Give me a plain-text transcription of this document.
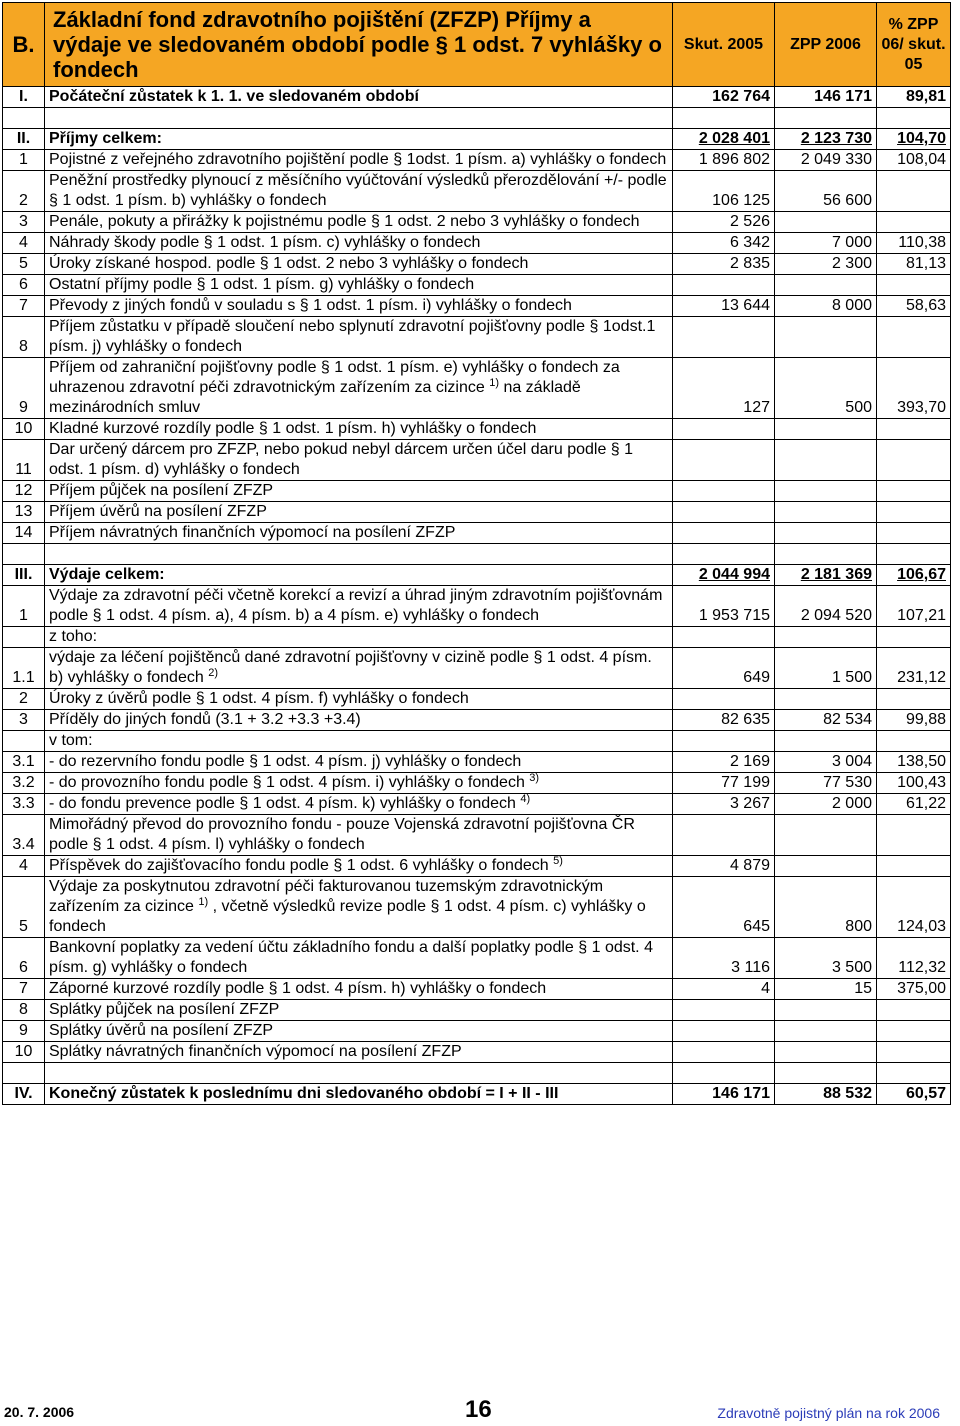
B.	Základní fond zdravotního pojištění (ZFZP) Příjmy a výdaje ve sledovaném období podle § 1 odst. 7 vyhlášky o fondech	Skut. 2005	ZPP 2006	% ZPP 06/ skut. 05
I.	Počáteční zůstatek k 1. 1. ve sledovaném období	162 764	146 171	89,81

II.	Příjmy celkem:	2 028 401	2 123 730	104,70
1	Pojistné z veřejného zdravotního pojištění podle § 1odst. 1 písm. a) vyhlášky o fondech	1 896 802	2 049 330	108,04
2	Peněžní prostředky plynoucí z měsíčního vyúčtování výsledků přerozdělování +/- podle § 1 odst. 1 písm. b) vyhlášky o fondech	106 125	56 600	
3	Penále, pokuty a přirážky k pojistnému podle § 1 odst. 2 nebo 3 vyhlášky o fondech	2 526		
4	Náhrady škody podle § 1 odst. 1 písm. c) vyhlášky o fondech	6 342	7 000	110,38
5	Úroky získané hospod. podle § 1 odst. 2 nebo 3 vyhlášky o fondech	2 835	2 300	81,13
6	Ostatní příjmy podle § 1 odst. 1 písm. g) vyhlášky o fondech			
7	Převody z jiných fondů v souladu s § 1 odst. 1 písm. i) vyhlášky o fondech	13 644	8 000	58,63
8	Příjem zůstatku v případě sloučení nebo splynutí zdravotní pojišťovny podle § 1odst.1 písm. j) vyhlášky o fondech			
9	Příjem od zahraniční pojišťovny podle § 1 odst. 1 písm. e) vyhlášky o fondech za uhrazenou zdravotní péči zdravotnickým zařízením za cizince $^{1)}$ na základě mezinárodních smluv	127	500	393,70
10	Kladné kurzové rozdíly podle § 1 odst. 1 písm. h) vyhlášky o fondech			
11	Dar určený dárcem pro ZFZP, nebo pokud nebyl dárcem určen účel daru podle § 1 odst. 1 písm. d) vyhlášky o fondech			
12	Příjem půjček na posílení ZFZP			
13	Příjem úvěrů na posílení ZFZP			
14	Příjem návratných finančních výpomocí na posílení ZFZP			

III.	Výdaje celkem:	2 044 994	2 181 369	106,67
1	Výdaje za zdravotní péči včetně korekcí a revizí a úhrad jiným zdravotním pojišťovnám podle § 1 odst. 4 písm. a), 4 písm. b) a 4 písm. e) vyhlášky o fondech	1 953 715	2 094 520	107,21
	z toho:			
1.1	výdaje za léčení pojištěnců dané zdravotní pojišťovny v cizině podle § 1 odst. 4 písm. b) vyhlášky o fondech $^{2)}$	649	1 500	231,12
2	Úroky z úvěrů podle § 1 odst. 4 písm. f) vyhlášky o fondech			
3	Příděly do jiných fondů (3.1 + 3.2 +3.3 +3.4)	82 635	82 534	99,88
	v tom:			
3.1	- do rezervního fondu podle § 1 odst. 4 písm. j) vyhlášky o fondech	2 169	3 004	138,50
3.2	- do provozního fondu podle § 1 odst. 4 písm. i) vyhlášky o fondech $^{3)}$	77 199	77 530	100,43
3.3	- do fondu prevence podle § 1 odst. 4 písm. k) vyhlášky o fondech $^{4)}$	3 267	2 000	61,22
3.4	Mimořádný převod do provozního fondu - pouze Vojenská zdravotní pojišťovna ČR podle § 1 odst. 4 písm. l) vyhlášky o fondech			
4	Příspěvek do zajišťovacího fondu podle § 1 odst. 6 vyhlášky o fondech $^{5)}$	4 879		
5	Výdaje za poskytnutou zdravotní péči fakturovanou tuzemským zdravotnickým zařízením za cizince $^{1)}$ , včetně výsledků revize podle § 1 odst. 4 písm. c) vyhlášky o fondech	645	800	124,03
6	Bankovní poplatky za vedení účtu základního fondu a další poplatky podle § 1 odst. 4 písm. g) vyhlášky o fondech	3 116	3 500	112,32
7	Záporné kurzové rozdíly podle § 1 odst. 4 písm. h) vyhlášky o fondech	4	15	375,00
8	Splátky půjček na posílení ZFZP			
9	Splátky úvěrů na posílení ZFZP			
10	Splátky návratných finančních výpomocí na posílení ZFZP			

IV.	Konečný zůstatek k poslednímu dni sledovaného období = I + II - III	146 171	88 532	60,57
20. 7. 2006	16	Zdravotně pojistný plán na rok 2006
